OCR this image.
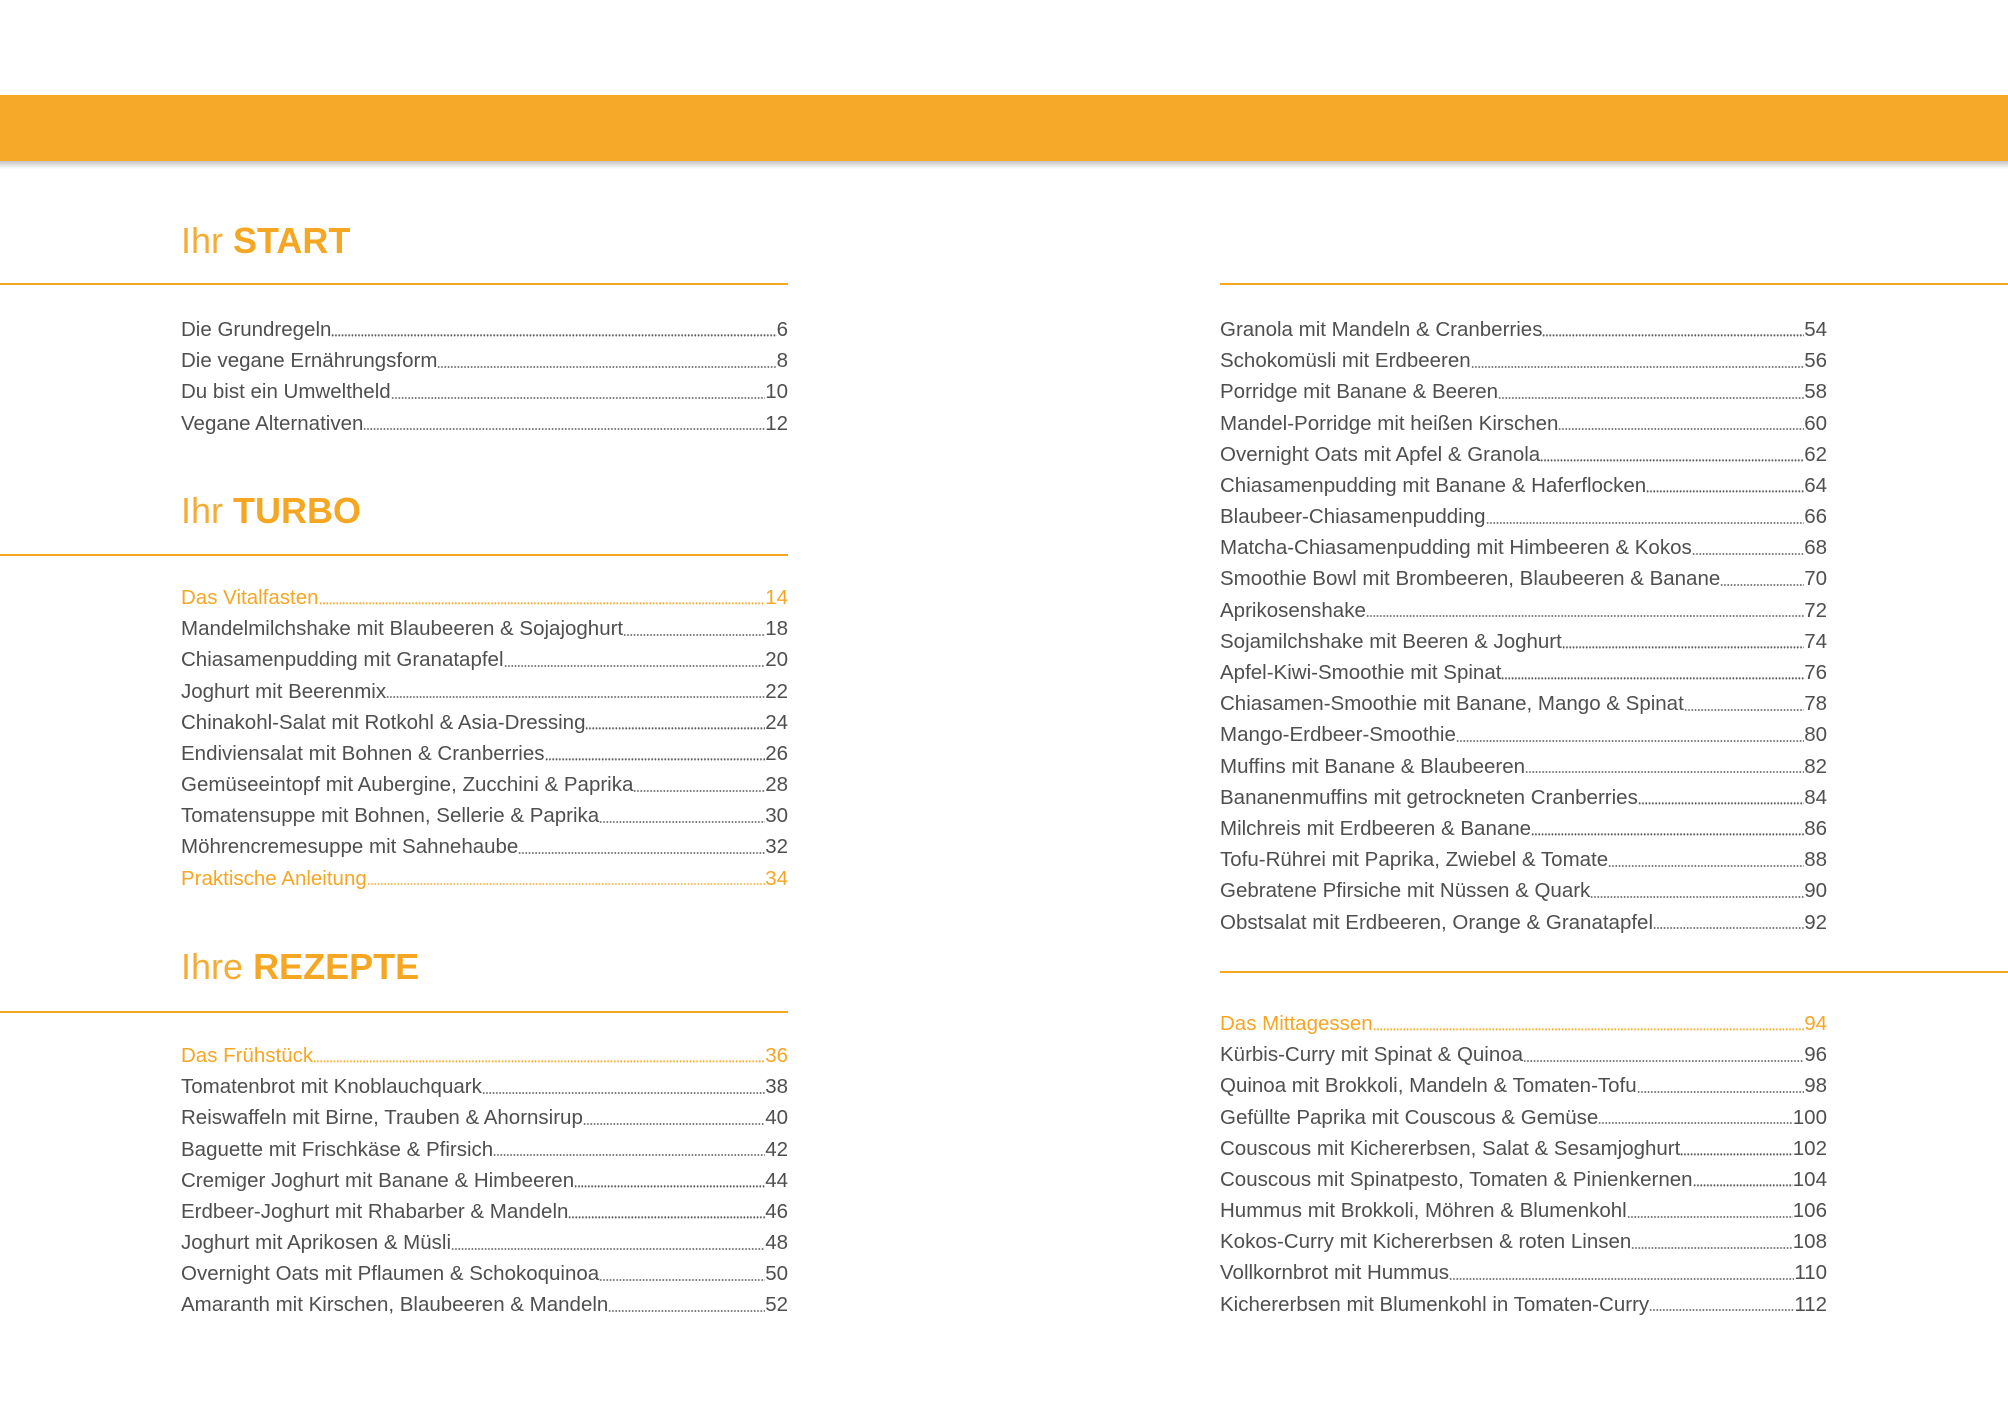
Ihr START
Die Grundregeln	6
Die vegane Ernährungsform	8
Du bist ein Umweltheld	10
Vegane Alternativen	12
Ihr TURBO
Das Vitalfasten	14
Mandelmilchshake mit Blaubeeren & Sojajoghurt	18
Chiasamenpudding mit Granatapfel	20
Joghurt mit Beerenmix	22
Chinakohl-Salat mit Rotkohl & Asia-Dressing	24
Endiviensalat mit Bohnen & Cranberries	26
Gemüseeintopf mit Aubergine, Zucchini & Paprika	28
Tomatensuppe mit Bohnen, Sellerie & Paprika	30
Möhrencremesuppe mit Sahnehaube	32
Praktische Anleitung	34
Ihre REZEPTE
Das Frühstück	36
Tomatenbrot mit Knoblauchquark	38
Reiswaffeln mit Birne, Trauben & Ahornsirup	40
Baguette mit Frischkäse & Pfirsich	42
Cremiger Joghurt mit Banane & Himbeeren	44
Erdbeer-Joghurt mit Rhabarber & Mandeln	46
Joghurt mit Aprikosen & Müsli	48
Overnight Oats mit Pflaumen & Schokoquinoa	50
Amaranth mit Kirschen, Blaubeeren & Mandeln	52
Granola mit Mandeln & Cranberries	54
Schokomüsli mit Erdbeeren	56
Porridge mit Banane & Beeren	58
Mandel-Porridge mit heißen Kirschen	60
Overnight Oats mit Apfel & Granola	62
Chiasamenpudding mit Banane & Haferflocken	64
Blaubeer-Chiasamenpudding	66
Matcha-Chiasamenpudding mit Himbeeren & Kokos	68
Smoothie Bowl mit Brombeeren, Blaubeeren & Banane	70
Aprikosenshake	72
Sojamilchshake mit Beeren & Joghurt	74
Apfel-Kiwi-Smoothie mit Spinat	76
Chiasamen-Smoothie mit Banane, Mango & Spinat	78
Mango-Erdbeer-Smoothie	80
Muffins mit Banane & Blaubeeren	82
Bananenmuffins mit getrockneten Cranberries	84
Milchreis mit Erdbeeren & Banane	86
Tofu-Rührei mit Paprika, Zwiebel & Tomate	88
Gebratene Pfirsiche mit Nüssen & Quark	90
Obstsalat mit Erdbeeren, Orange & Granatapfel	92
Das Mittagessen	94
Kürbis-Curry mit Spinat & Quinoa	96
Quinoa mit Brokkoli, Mandeln & Tomaten-Tofu	98
Gefüllte Paprika mit Couscous & Gemüse	100
Couscous mit Kichererbsen, Salat & Sesamjoghurt	102
Couscous mit Spinatpesto, Tomaten & Pinienkernen	104
Hummus mit Brokkoli, Möhren & Blumenkohl	106
Kokos-Curry mit Kichererbsen & roten Linsen	108
Vollkornbrot mit Hummus	110
Kichererbsen mit Blumenkohl in Tomaten-Curry	112
